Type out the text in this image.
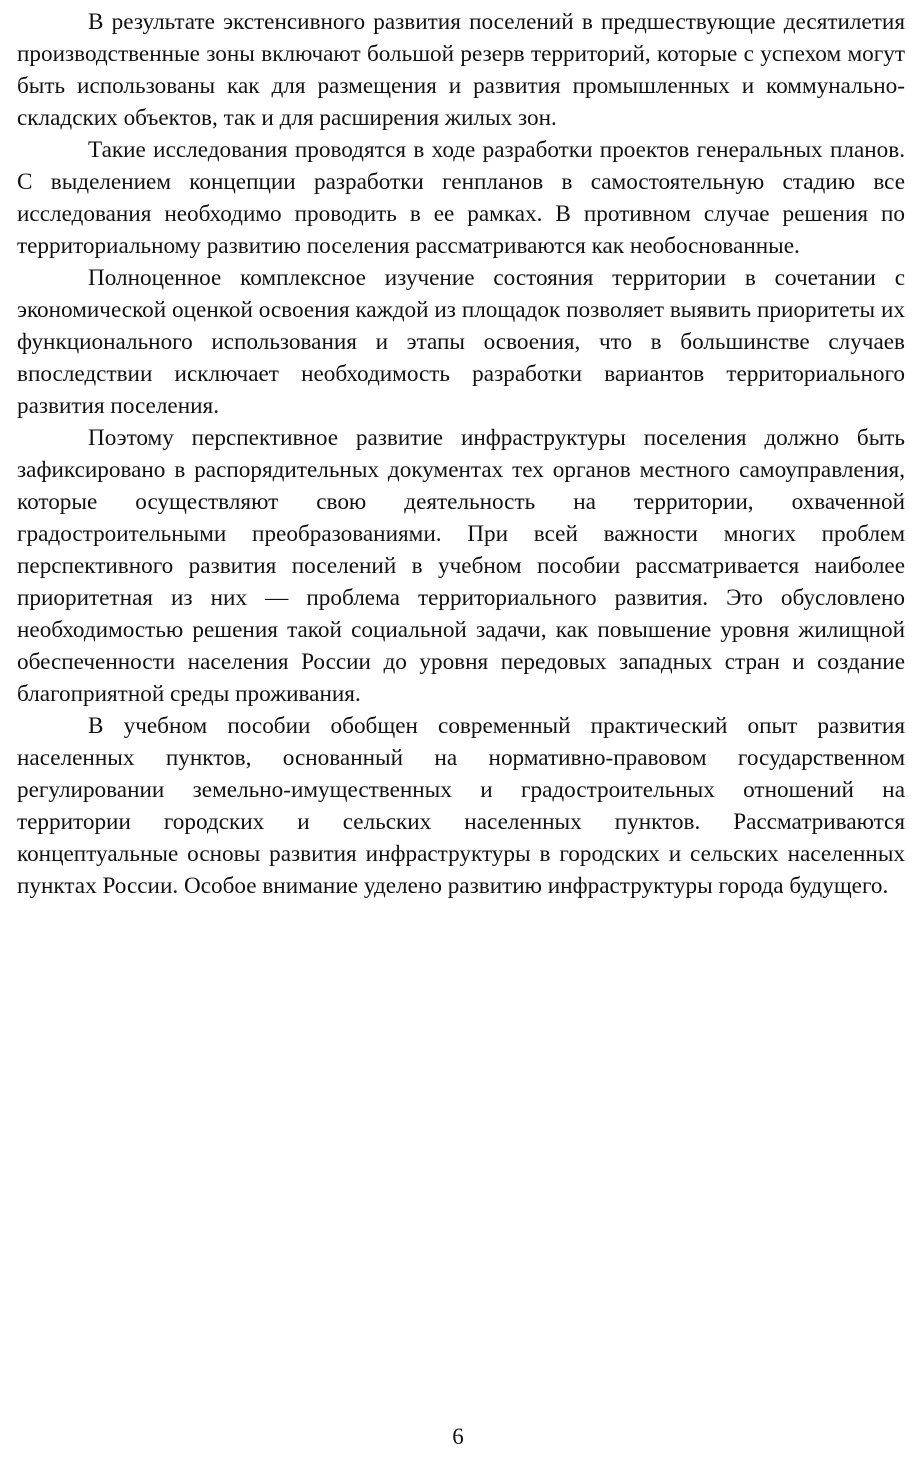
В результате экстенсивного развития поселений в предшествующие десятилетия производственные зоны включают большой резерв территорий, которые с успехом могут быть использованы как для размещения и развития промышленных и коммунально-складских объектов, так и для расширения жилых зон.

Такие исследования проводятся в ходе разработки проектов генеральных планов. С выделением концепции разработки генпланов в самостоятельную стадию все исследования необходимо проводить в ее рамках. В противном случае решения по территориальному развитию поселения рассматриваются как необоснованные.

Полноценное комплексное изучение состояния территории в сочетании с экономической оценкой освоения каждой из площадок позволяет выявить приоритеты их функционального использования и этапы освоения, что в большинстве случаев впоследствии исключает необходимость разработки вариантов территориального развития поселения.

Поэтому перспективное развитие инфраструктуры поселения должно быть зафиксировано в распорядительных документах тех органов местного самоуправления, которые осуществляют свою деятельность на территории, охваченной градостроительными преобразованиями. При всей важности многих проблем перспективного развития поселений в учебном пособии рассматривается наиболее приоритетная из них — проблема территориального развития. Это обусловлено необходимостью решения такой социальной задачи, как повышение уровня жилищной обеспеченности населения России до уровня передовых западных стран и создание благоприятной среды проживания.

В учебном пособии обобщен современный практический опыт развития населенных пунктов, основанный на нормативно-правовом государственном регулировании земельно-имущественных и градостроительных отношений на территории городских и сельских населенных пунктов. Рассматриваются концептуальные основы развития инфраструктуры в городских и сельских населенных пунктах России. Особое внимание уделено развитию инфраструктуры города будущего.

6
